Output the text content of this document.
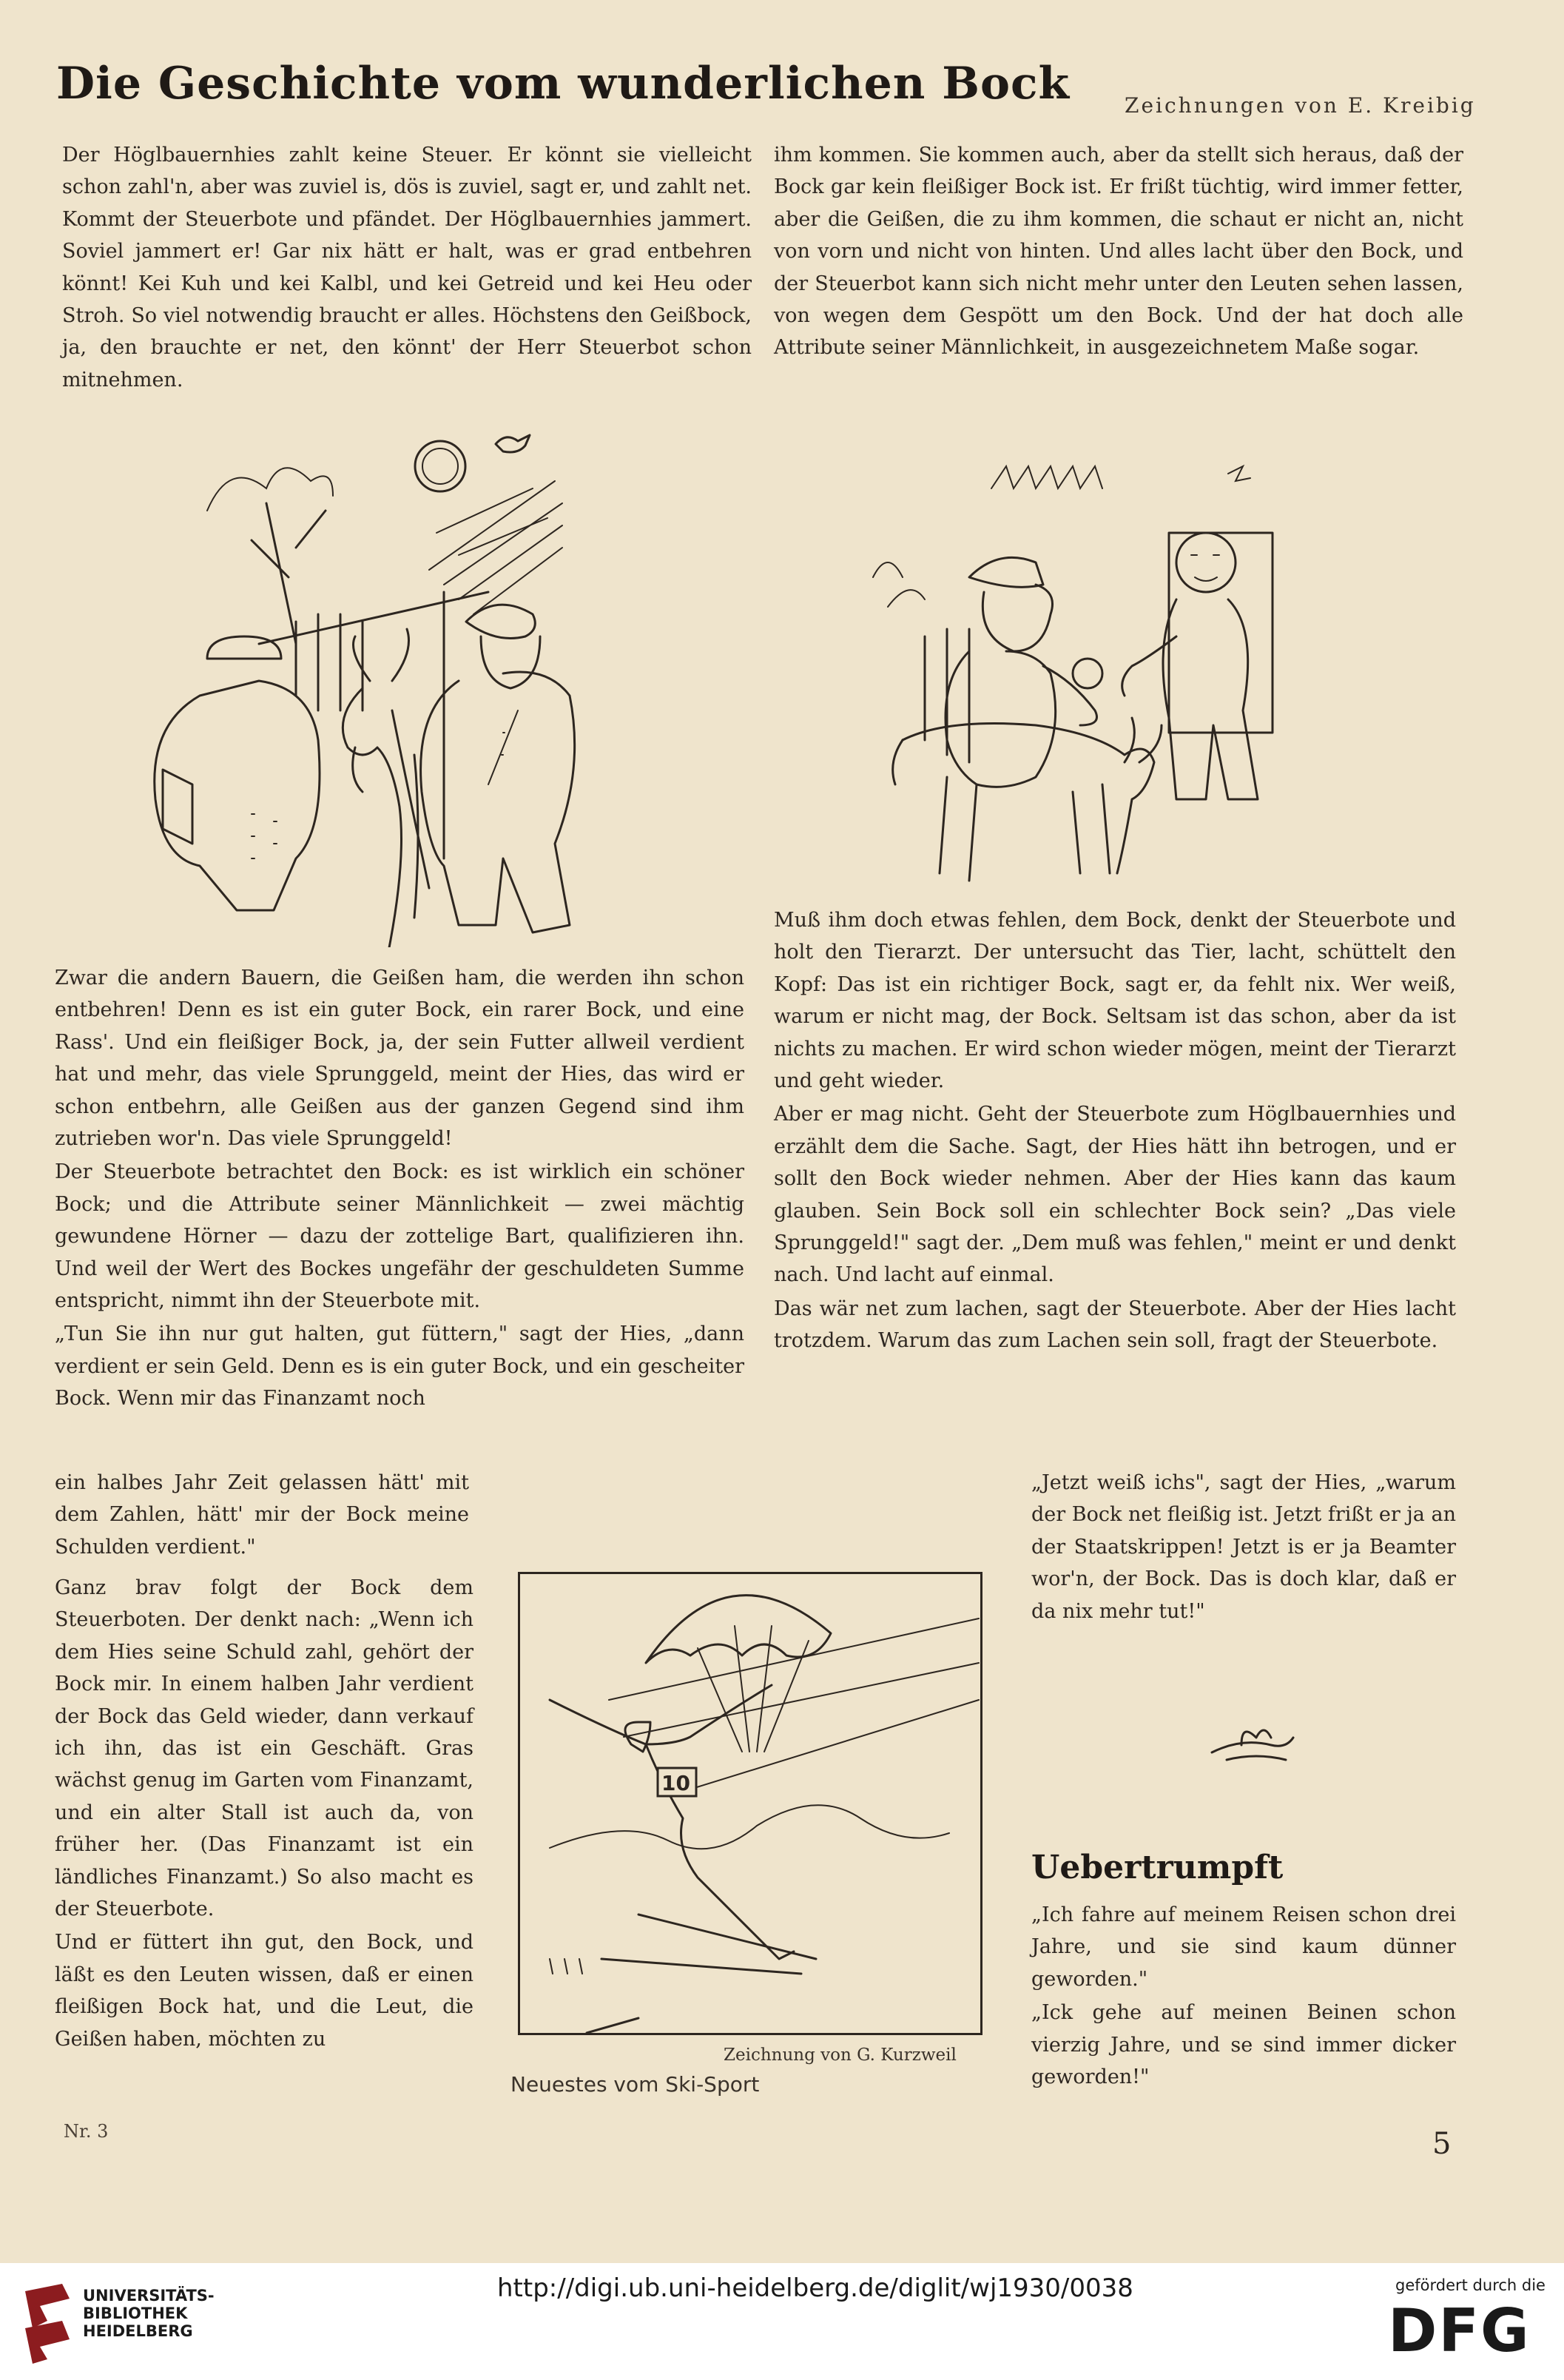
Die Geschichte vom wunderlichen Bock	Zeichnungen von E. Kreibig

Der Höglbauernhies zahlt keine Steuer. Er könnt sie vielleicht schon zahl'n, aber was zuviel is, dös is zuviel, sagt er, und zahlt net. Kommt der Steuerbote und pfändet. Der Höglbauernhies jammert. Soviel jammert er! Gar nix hätt er halt, was er grad entbehren könnt! Kei Kuh und kei Kalbl, und kei Getreid und kei Heu oder Stroh. So viel notwendig braucht er alles. Höchstens den Geißbock, ja, den brauchte er net, den könnt' der Herr Steuerbot schon mitnehmen.

ihm kommen. Sie kommen auch, aber da stellt sich heraus, daß der Bock gar kein fleißiger Bock ist. Er frißt tüchtig, wird immer fetter, aber die Geißen, die zu ihm kommen, die schaut er nicht an, nicht von vorn und nicht von hinten. Und alles lacht über den Bock, und der Steuerbot kann sich nicht mehr unter den Leuten sehen lassen, von wegen dem Gespött um den Bock. Und der hat doch alle Attribute seiner Männlichkeit, in ausgezeichnetem Maße sogar.

Zwar die andern Bauern, die Geißen ham, die werden ihn schon entbehren! Denn es ist ein guter Bock, ein rarer Bock, und eine Rass'. Und ein fleißiger Bock, ja, der sein Futter allweil verdient hat und mehr, das viele Sprunggeld, meint der Hies, das wird er schon entbehrn, alle Geißen aus der ganzen Gegend sind ihm zutrieben wor'n. Das viele Sprunggeld!

Der Steuerbote betrachtet den Bock: es ist wirklich ein schöner Bock; und die Attribute seiner Männlichkeit — zwei mächtig gewundene Hörner — dazu der zottelige Bart, qualifizieren ihn. Und weil der Wert des Bockes ungefähr der geschuldeten Summe entspricht, nimmt ihn der Steuerbote mit.

„Tun Sie ihn nur gut halten, gut füttern," sagt der Hies, „dann verdient er sein Geld. Denn es is ein guter Bock, und ein gescheiter Bock. Wenn mir das Finanzamt noch

ein halbes Jahr Zeit gelassen hätt' mit dem Zahlen, hätt' mir der Bock meine Schulden verdient."

Ganz brav folgt der Bock dem Steuerboten. Der denkt nach: „Wenn ich dem Hies seine Schuld zahl, gehört der Bock mir. In einem halben Jahr verdient der Bock das Geld wieder, dann verkauf ich ihn, das ist ein Geschäft. Gras wächst genug im Garten vom Finanzamt, und ein alter Stall ist auch da, von früher her. (Das Finanzamt ist ein ländliches Finanzamt.) So also macht es der Steuerbote.

Und er füttert ihn gut, den Bock, und läßt es den Leuten wissen, daß er einen fleißigen Bock hat, und die Leut, die Geißen haben, möchten zu

10
Zeichnung von G. Kurzweil
Neuestes vom Ski-Sport

Muß ihm doch etwas fehlen, dem Bock, denkt der Steuerbote und holt den Tierarzt. Der untersucht das Tier, lacht, schüttelt den Kopf: Das ist ein richtiger Bock, sagt er, da fehlt nix. Wer weiß, warum er nicht mag, der Bock. Seltsam ist das schon, aber da ist nichts zu machen. Er wird schon wieder mögen, meint der Tierarzt und geht wieder.

Aber er mag nicht. Geht der Steuerbote zum Höglbauernhies und erzählt dem die Sache. Sagt, der Hies hätt ihn betrogen, und er sollt den Bock wieder nehmen. Aber der Hies kann das kaum glauben. Sein Bock soll ein schlechter Bock sein? „Das viele Sprunggeld!" sagt der. „Dem muß was fehlen," meint er und denkt nach. Und lacht auf einmal.

Das wär net zum lachen, sagt der Steuerbote. Aber der Hies lacht trotzdem. Warum das zum Lachen sein soll, fragt der Steuerbote.

„Jetzt weiß ichs", sagt der Hies, „warum der Bock net fleißig ist. Jetzt frißt er ja an der Staatskrippen! Jetzt is er ja Beamter wor'n, der Bock. Das is doch klar, daß er da nix mehr tut!"

Uebertrumpft

„Ich fahre auf meinem Reisen schon drei Jahre, und sie sind kaum dünner geworden."

„Ick gehe auf meinen Beinen schon vierzig Jahre, und se sind immer dicker geworden!"

Nr. 3	5
UNIVERSITÄTS-BIBLIOTHEK HEIDELBERG
http://digi.ub.uni-heidelberg.de/diglit/wj1930/0038	gefördert durch die
DFG
